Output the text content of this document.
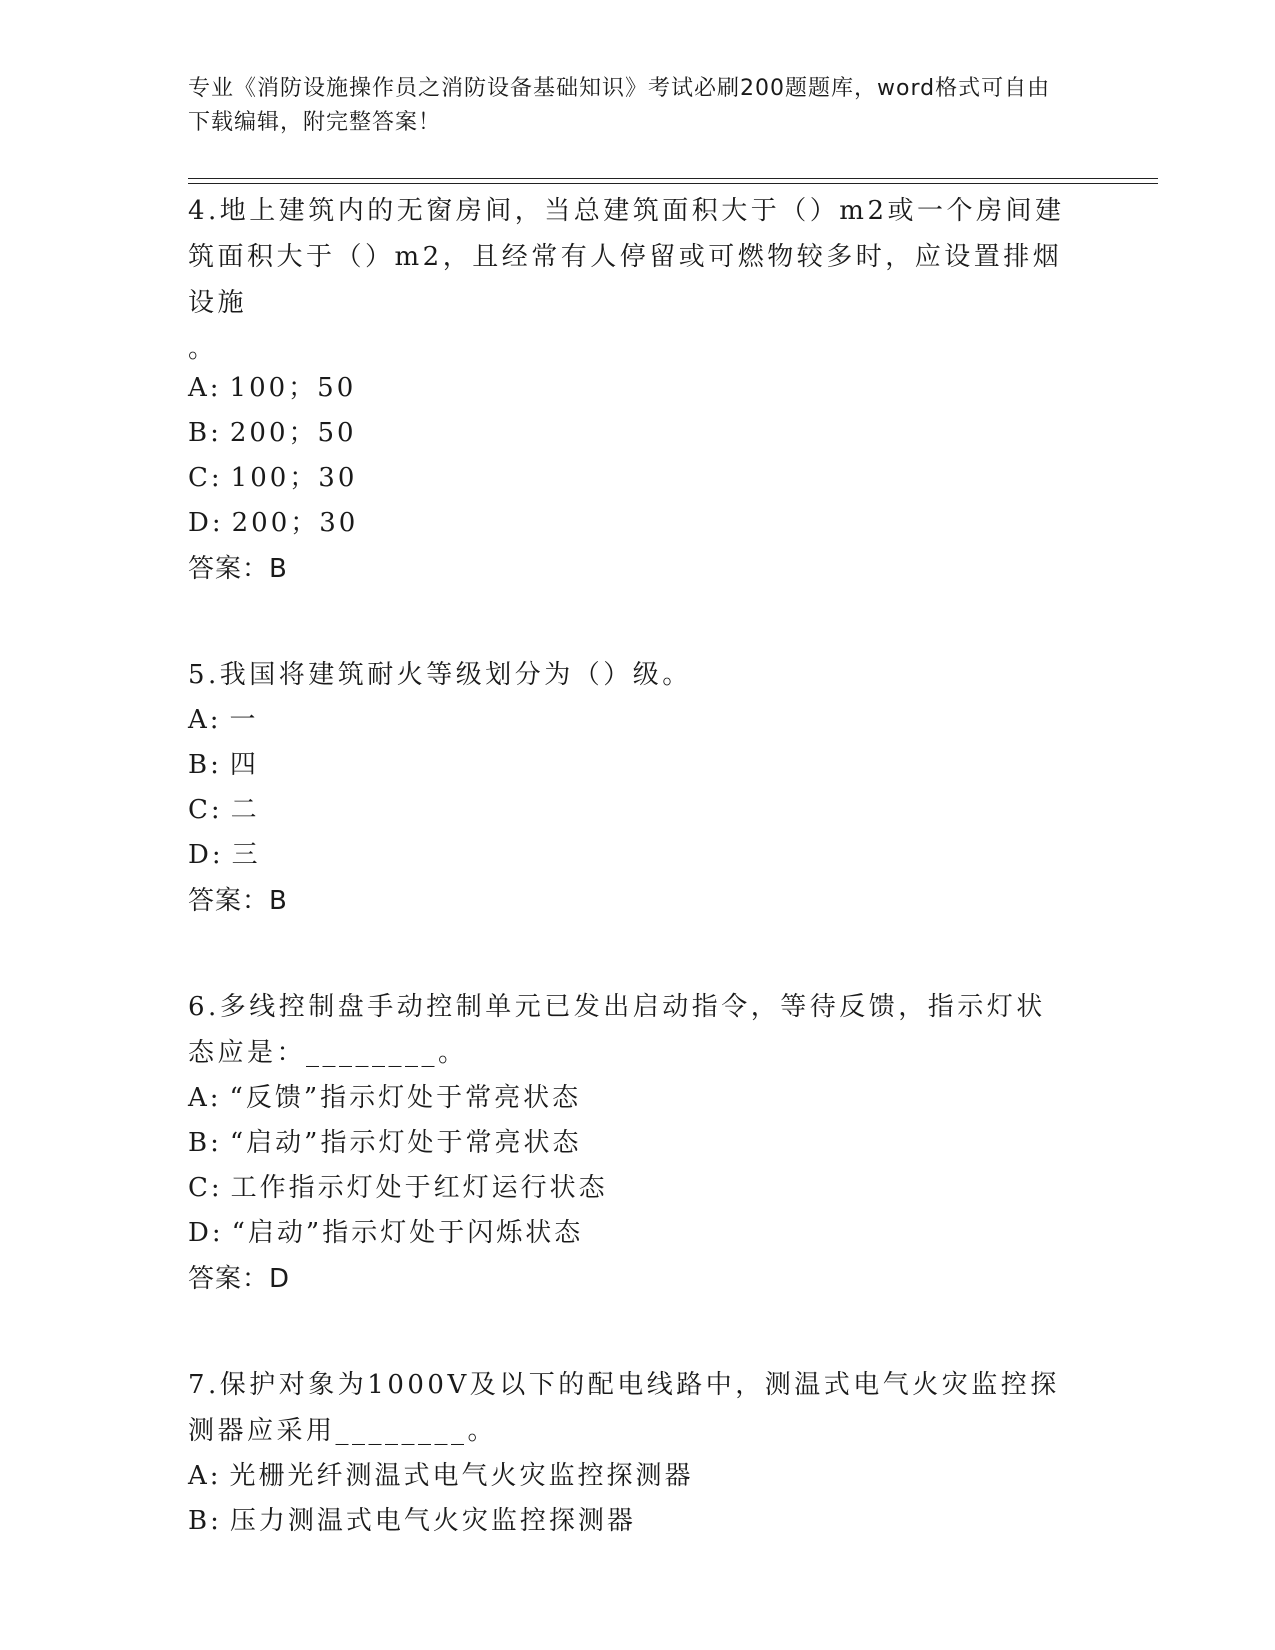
专业《消防设施操作员之消防设备基础知识》考试必刷200题题库，word格式可自由下载编辑，附完整答案！
4.地上建筑内的无窗房间，当总建筑面积大于（）m2或一个房间建筑面积大于（）m2，且经常有人停留或可燃物较多时，应设置排烟设施
。
A: 100；50
B: 200；50
C: 100；30
D: 200；30
答案：B
5.我国将建筑耐火等级划分为（）级。
A: 一
B: 四
C: 二
D: 三
答案：B
6.多线控制盘手动控制单元已发出启动指令，等待反馈，指示灯状态应是：________。
A: “反馈”指示灯处于常亮状态
B: “启动”指示灯处于常亮状态
C: 工作指示灯处于红灯运行状态
D: “启动”指示灯处于闪烁状态
答案：D
7.保护对象为1000V及以下的配电线路中，测温式电气火灾监控探测器应采用________。
A: 光栅光纤测温式电气火灾监控探测器
B: 压力测温式电气火灾监控探测器
